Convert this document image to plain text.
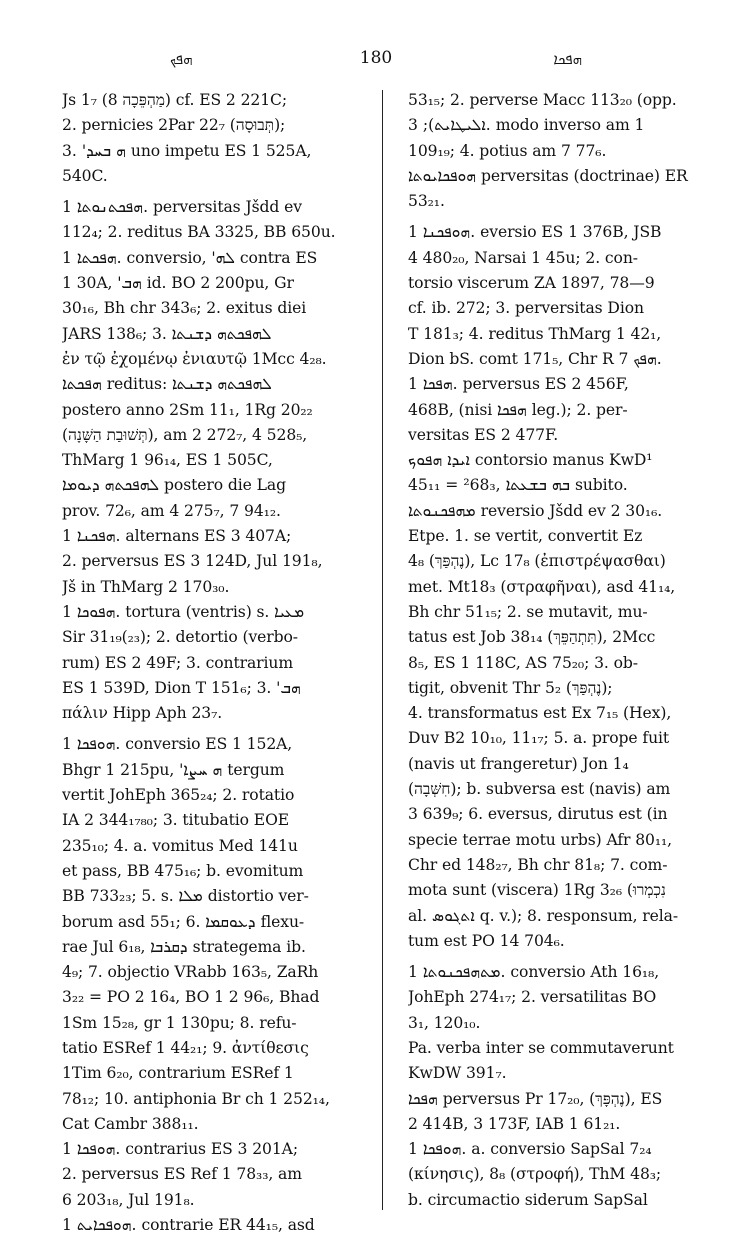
ܗܦܟ	180	ܗܦܟܐ
Js 1₇ (8 מַהְפֵּכָה) cf. ES 2 221C;
2. pernicies 2Par 22₇ (תְּבוּסָה);
3. 'ܗ ܒܚܕ uno impetu ES 1 525A,
540C.
ܗܦܟܬܢܘܬܐ 1. perversitas Jšdd ev
112₄; 2. reditus BA 3325, BB 650u.
ܗܦܟܬܐ 1. conversio, 'ܠܗ contra ES
1 30A, 'ܗܒ id. BO 2 200pu, Gr
30₁₆, Bh chr 343₆; 2. exitus diei
JARS 138₆; 3. ܠܗܦܟܬܗ ܕܫܢܬܐ
ἐν τῷ ἐχομένῳ ἐνιαυτῷ 1Mcc 4₂₈.
ܗܦܟܬܐ reditus: ܠܗܦܟܬܗ ܕܫܢܬܐ
postero anno 2Sm 11₁, 1Rg 20₂₂
(תְּשׁוּבַת הַשָּׁנָה), am 2 272₇, 4 528₅,
ThMarg 1 96₁₄, ES 1 505C,
ܠܗܦܟܬܗ ܕܝܘܡܐ postero die Lag
prov. 72₆, am 4 275₇, 7 94₁₂.
ܗܦܟܢܐ 1. alternans ES 3 407A;
2. perversus ES 3 124D, Jul 191₈,
Jš in ThMarg 2 170₃₀.
ܗܦܘܟܐ 1. tortura (ventris) s. ܡܥܝܐ
Sir 31₁₉(₂₃); 2. detortio (verbo-
rum) ES 2 49F; 3. contrarium
ES 1 539D, Dion T 151₆; 3. 'ܗܒ
πάλιν Hipp Aph 23₇.
ܗܘܦܟܐ 1. conversio ES 1 152A,
Bhgr 1 215pu, 'ܗ ܚܨܐ tergum
vertit JohEph 365₂₄; 2. rotatio
IA 2 344₁₇₈₀; 3. titubatio EOE
235₁₀; 4. a. vomitus Med 141u
et pass, BB 475₁₆; b. evomitum
BB 733₂₃; 5. s. ܡܠܐ distortio ver-
borum asd 55₁; 6. ܕܥܘܩܡܐ flexu-
rae Jul 6₁₈, ܕܩܪܒܐ strategema ib.
4₉; 7. objectio VRabb 163₅, ZaRh
3₂₂ = PO 2 16₄, BO 1 2 96₆, Bhad
1Sm 15₂₈, gr 1 130pu; 8. refu-
tatio ESRef 1 44₂₁; 9. ἀντίθεσις
1Tim 6₂₀, contrarium ESRef 1
78₁₂; 10. antiphonia Br ch 1 252₁₄,
Cat Cambr 388₁₁.
ܗܘܦܟܐ 1. contrarius ES 3 201A;
2. perversus ES Ref 1 78₃₃, am
6 203₁₈, Jul 191₈.
ܗܘܦܟܐܝܬ 1. contrarie ER 44₁₅, asd
53₁₅; 2. perverse Macc 113₂₀ (opp.
ܐܠܝܛܐܝܬ); 3. modo inverso am 1
109₁₉; 4. potius am 7 77₆.
ܗܘܦܟܐܝܘܬܐ perversitas (doctrinae) ER
53₂₁.
ܗܘܦܟܢܐ 1. eversio ES 1 376B, JSB
4 480₂₀, Narsai 1 45u; 2. con-
torsio viscerum ZA 1897, 78—9
cf. ib. 272; 3. perversitas Dion
T 181₃; 4. reditus ThMarg 1 42₁,
Dion bS. comt 171₅, Chr R ܗܦܟ 7.
ܗܦܟܐ 1. perversus ES 2 456F,
468B, (nisi ܗܦܟܐ leg.); 2. per-
versitas ES 2 477F.
ܐܝܕܐ ܗܦܘܟ contorsio manus KwD¹
45₁₁ = ²68₃, ܒܗ ܒܫܥܬܐ subito.
ܡܗܦܟܢܘܬܐ reversio Jšdd ev 2 30₁₆.
Etpe. 1. se vertit, convertit Ez
4₈ (נֶהְפַּךְ), Lc 17₈ (ἐπιστρέψασθαι)
met. Mt18₃ (στραφῆναι), asd 41₁₄,
Bh chr 51₁₅; 2. se mutavit, mu-
tatus est Job 38₁₄ (תִּתְהַפֵּךְ), 2Mcc
8₅, ES 1 118C, AS 75₂₀; 3. ob-
tigit, obvenit Thr 5₂ (נֶהְפַּךְ);
4. transformatus est Ex 7₁₅ (Hex),
Duv B2 10₁₀, 11₁₇; 5. a. prope fuit
(navis ut frangeretur) Jon 1₄
(חִשְּׁבָה); b. subversa est (navis) am
3 639₉; 6. eversus, dirutus est (in
specie terrae motu urbs) Afr 80₁₁,
Chr ed 148₂₇, Bh chr 81₈; 7. com-
mota sunt (viscera) 1Rg 3₂₆ (נִכְמְרוּ
al. ܐܬܓܘܣ q. v.); 8. responsum, rela-
tum est PO 14 704₆.
ܡܬܗܦܟܢܘܬܐ 1. conversio Ath 16₁₈,
JohEph 274₁₇; 2. versatilitas BO
3₁, 120₁₀.
Pa. verba inter se commutaverunt
KwDW 391₇.
ܗܦܟܐ perversus Pr 17₂₀, (נֶהְפָּךְ), ES
2 414B, 3 173F, IAB 1 61₂₁.
ܗܘܦܟܐ 1. a. conversio SapSal 7₂₄
(κίνησις), 8₈ (στροφή), ThM 48₃;
b. circumactio siderum SapSal
